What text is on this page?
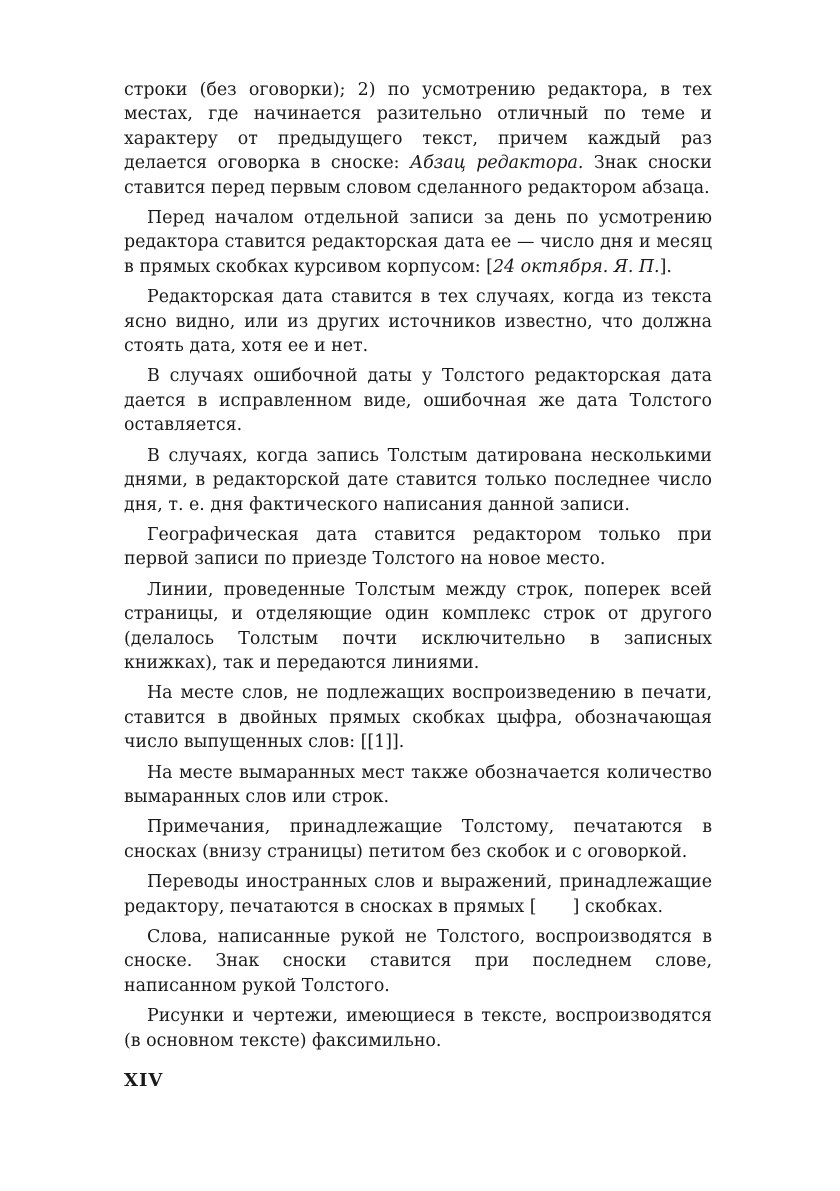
строки (без оговорки); 2) по усмотрению редактора, в тех местах, где начинается разительно отличный по теме и характеру от предыдущего текст, причем каждый раз делается оговорка в сноске: Абзац редактора. Знак сноски ставится перед первым словом сделанного редактором абзаца.

Перед началом отдельной записи за день по усмотрению редактора ставится редакторская дата ее — число дня и месяц в прямых скобках курсивом корпусом: [24 октября. Я. П.].

Редакторская дата ставится в тех случаях, когда из текста ясно видно, или из других источников известно, что должна стоять дата, хотя ее и нет.

В случаях ошибочной даты у Толстого редакторская дата дается в исправленном виде, ошибочная же дата Толстого оставляется.

В случаях, когда запись Толстым датирована несколькими днями, в редакторской дате ставится только последнее число дня, т. е. дня фактического написания данной записи.

Географическая дата ставится редактором только при первой записи по приезде Толстого на новое место.

Линии, проведенные Толстым между строк, поперек всей страницы, и отделяющие один комплекс строк от другого (делалось Толстым почти исключительно в записных книжках), так и передаются линиями.

На месте слов, не подлежащих воспроизведению в печати, ставится в двойных прямых скобках цыфра, обозначающая число выпущенных слов: [[1]].

На месте вымаранных мест также обозначается количество вымаранных слов или строк.

Примечания, принадлежащие Толстому, печатаются в сносках (внизу страницы) петитом без скобок и с оговоркой.

Переводы иностранных слов и выражений, принадлежащие редактору, печатаются в сносках в прямых [ ] скобках.

Слова, написанные рукой не Толстого, воспроизводятся в сноске. Знак сноски ставится при последнем слове, написанном рукой Толстого.

Рисунки и чертежи, имеющиеся в тексте, воспроизводятся (в основном тексте) факсимильно.

XIV
